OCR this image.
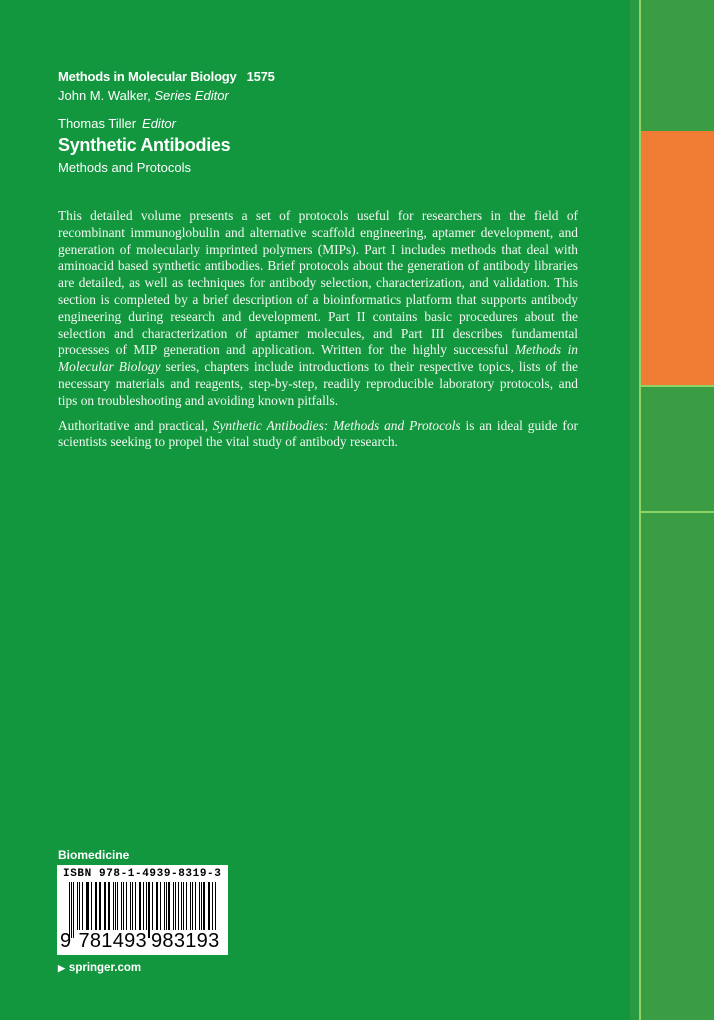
Methods in Molecular Biology 1575
John M. Walker, Series Editor
Thomas Tiller Editor
Synthetic Antibodies
Methods and Protocols

This detailed volume presents a set of protocols useful for researchers in the field of recombinant immunoglobulin and alternative scaffold engineering, aptamer development, and generation of molecularly imprinted polymers (MIPs). Part I includes methods that deal with aminoacid based synthetic antibodies. Brief protocols about the generation of antibody libraries are detailed, as well as techniques for antibody selection, characterization, and validation. This section is completed by a brief description of a bioinformatics platform that supports antibody engineering during research and development. Part II contains basic procedures about the selection and characterization of aptamer molecules, and Part III describes fundamental processes of MIP generation and application. Written for the highly successful Methods in Molecular Biology series, chapters include introductions to their respective topics, lists of the necessary materials and reagents, step-by-step, readily reproducible laboratory protocols, and tips on troubleshooting and avoiding known pitfalls.

Authoritative and practical, Synthetic Antibodies: Methods and Protocols is an ideal guide for scientists seeking to propel the vital study of antibody research.

Biomedicine
ISBN 978-1-4939-8319-3
9 781493 983193
▶ springer.com
